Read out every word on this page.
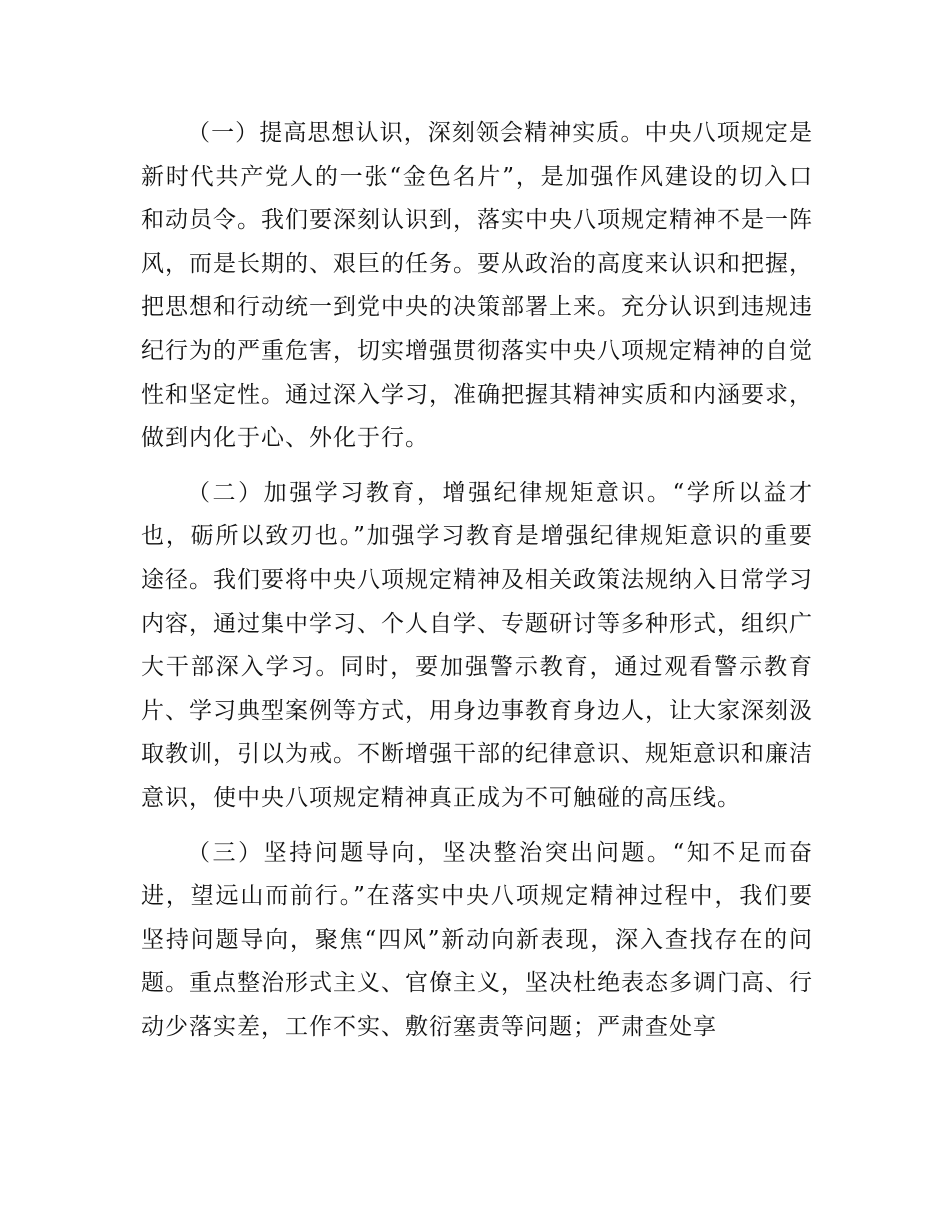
（一）提高思想认识，深刻领会精神实质。中央八项规定是新时代共产党人的一张“金色名片”，是加强作风建设的切入口和动员令。我们要深刻认识到，落实中央八项规定精神不是一阵风，而是长期的、艰巨的任务。要从政治的高度来认识和把握，把思想和行动统一到党中央的决策部署上来。充分认识到违规违纪行为的严重危害，切实增强贯彻落实中央八项规定精神的自觉性和坚定性。通过深入学习，准确把握其精神实质和内涵要求，做到内化于心、外化于行。

（二）加强学习教育，增强纪律规矩意识。“学所以益才也，砺所以致刃也。”加强学习教育是增强纪律规矩意识的重要途径。我们要将中央八项规定精神及相关政策法规纳入日常学习内容，通过集中学习、个人自学、专题研讨等多种形式，组织广大干部深入学习。同时，要加强警示教育，通过观看警示教育片、学习典型案例等方式，用身边事教育身边人，让大家深刻汲取教训，引以为戒。不断增强干部的纪律意识、规矩意识和廉洁意识，使中央八项规定精神真正成为不可触碰的高压线。

（三）坚持问题导向，坚决整治突出问题。“知不足而奋进，望远山而前行。”在落实中央八项规定精神过程中，我们要坚持问题导向，聚焦“四风”新动向新表现，深入查找存在的问题。重点整治形式主义、官僚主义，坚决杜绝表态多调门高、行动少落实差，工作不实、敷衍塞责等问题；严肃查处享
